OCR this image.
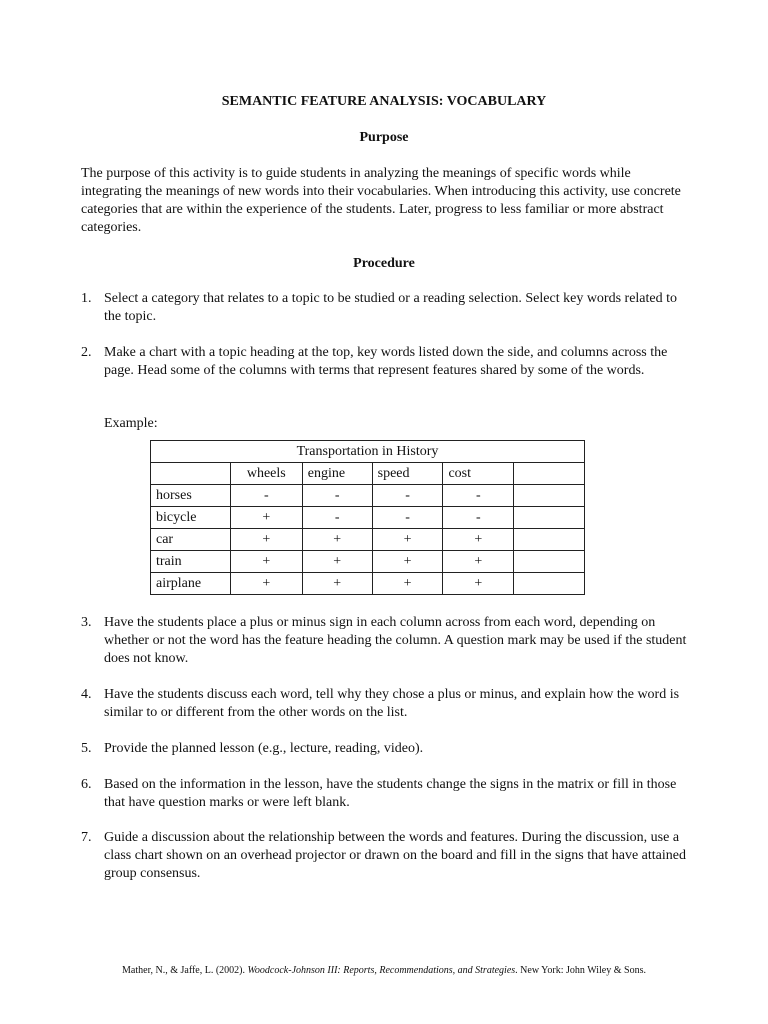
SEMANTIC FEATURE ANALYSIS: VOCABULARY
Purpose

The purpose of this activity is to guide students in analyzing the meanings of specific words while integrating the meanings of new words into their vocabularies. When introducing this activity, use concrete categories that are within the experience of the students. Later, progress to less familiar or more abstract categories.

Procedure
1. Select a category that relates to a topic to be studied or a reading selection. Select key words related to the topic.
2. Make a chart with a topic heading at the top, key words listed down the side, and columns across the page. Head some of the columns with terms that represent features shared by some of the words.
Example:
Transportation in History					
	wheels	engine	speed	cost	
horses	-	-	-	-	
bicycle	+	-	-	-	
car	+	+	+	+	
train	+	+	+	+	
airplane	+	+	+	+	
3. Have the students place a plus or minus sign in each column across from each word, depending on whether or not the word has the feature heading the column. A question mark may be used if the student does not know.
4. Have the students discuss each word, tell why they chose a plus or minus, and explain how the word is similar to or different from the other words on the list.
5. Provide the planned lesson (e.g., lecture, reading, video).
6. Based on the information in the lesson, have the students change the signs in the matrix or fill in those that have question marks or were left blank.
7. Guide a discussion about the relationship between the words and features. During the discussion, use a class chart shown on an overhead projector or drawn on the board and fill in the signs that have attained group consensus.
Mather, N., & Jaffe, L. (2002). Woodcock-Johnson III: Reports, Recommendations, and Strategies. New York: John Wiley & Sons.
